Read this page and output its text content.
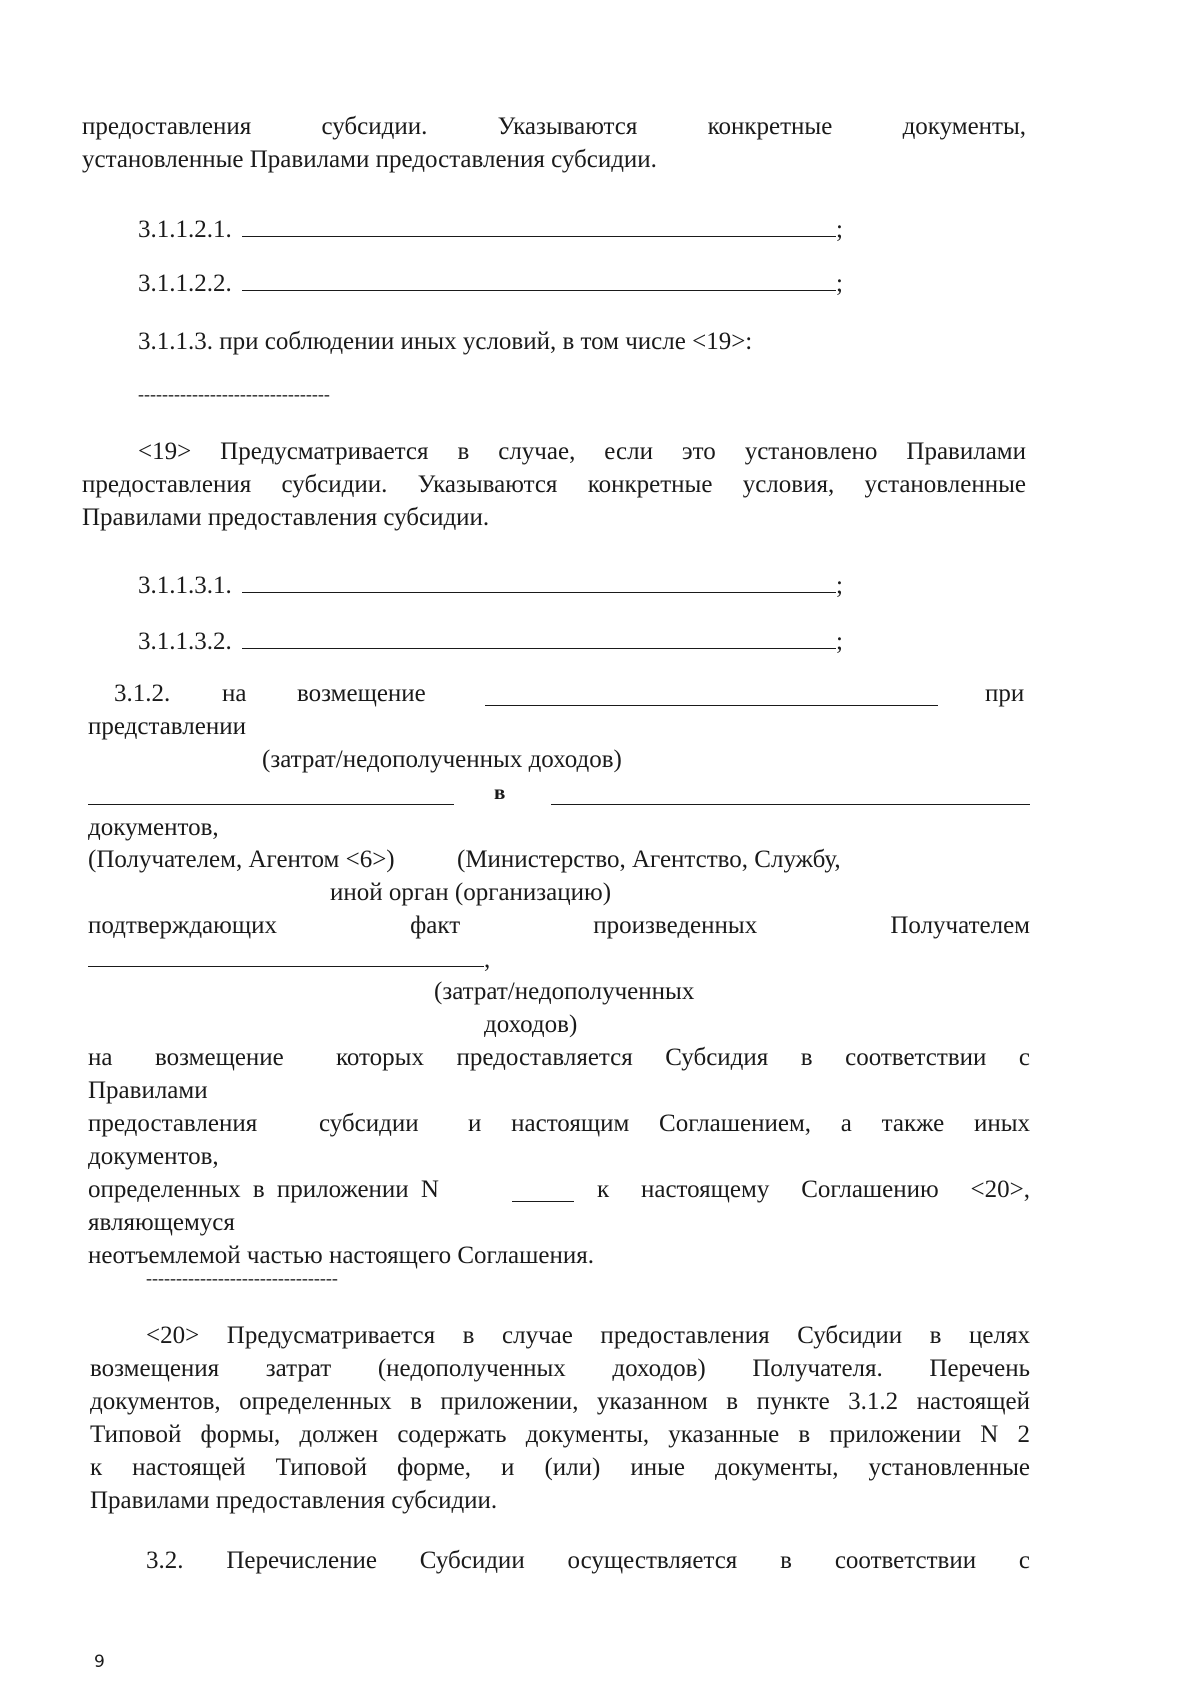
предоставления	субсидии.	Указываются	конкретные	документы,
установленные Правилами предоставления субсидии.
3.1.1.2.1.	;
3.1.1.2.2.	;
3.1.1.3. при соблюдении иных условий, в том числе <19>:
--------------------------------
<19> Предусматривается в случае, если это установлено Правилами
предоставления субсидии. Указываются конкретные условия, установленные
Правилами предоставления субсидии.
3.1.1.3.1.	;
3.1.1.3.2.	;
3.1.2. на возмещение	при
представлении
(затрат/недополученных доходов)
в
документов,
(Получателем, Агентом <6>) (Министерство, Агентство, Службу,
иной орган (организацию)
подтверждающих	факт	произведенных	Получателем
,
(затрат/недополученных
доходов)
на возмещение которых предоставляется Субсидия в соответствии с
Правилами
предоставления субсидии и настоящим Соглашением, а также иных
документов,
определенных в приложении N	к настоящему Соглашению <20>,
являющемуся
неотъемлемой частью настоящего Соглашения.
--------------------------------
<20> Предусматривается в случае предоставления Субсидии в целях
возмещения затрат (недополученных доходов) Получателя. Перечень
документов, определенных в приложении, указанном в пункте 3.1.2 настоящей
Типовой формы, должен содержать документы, указанные в приложении N 2
к настоящей Типовой форме, и (или) иные документы, установленные
Правилами предоставления субсидии.
3.2. Перечисление Субсидии осуществляется в соответствии с
9
